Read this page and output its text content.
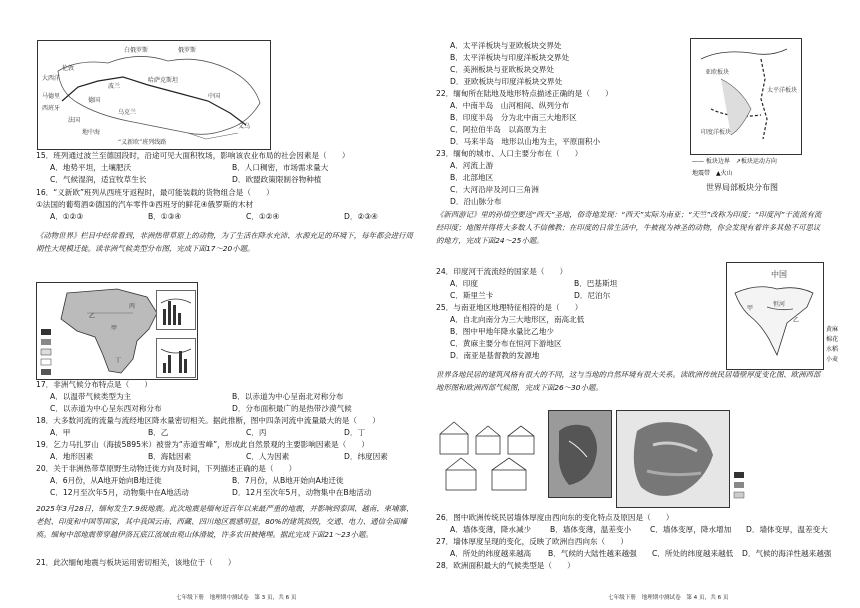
伦敦
法国
德国
波兰
马德里
西班牙
白俄罗斯	俄罗斯
哈萨克斯坦
乌克兰
中国
义乌
大西洋
地中海
“义新欧”班列线路
15．班列通过波兰至德国段时，沿途可见大面积牧场，影响该农业布局的社会因素是（　　）
A．地势平坦，土壤肥沃	B．人口稠密，市场需求量大
C．气候湿润，适宜牧草生长	D．欧盟政策限制谷物种植
16．“义新欧”班列从西班牙返程时，最可能装载的货物组合是（　　）
①法国的葡萄酒②德国的汽车零件③西班牙的鲜花④俄罗斯的木材
A．①②③	B．①③④	C．①②④	D．②③④
《动物世界》栏目中经常看到，非洲热带草原上的动物，为了生活在降水充沛、水源充足的环境下，每年都会进行周期性大规模迁徙。读非洲气候类型分布图，完成下面17～20小题。
甲
乙
丙
丁
17．非洲气候分布特点是（　　）
A．以温带气候类型为主	B．以赤道为中心呈南北对称分布
C．以赤道为中心呈东西对称分布	D．分布面积最广的是热带沙漠气候
18．大多数河流的流量与流经地区降水量密切相关。据此推断，图中四条河流中流量最大的是（　　）
A．甲	B．乙	C．丙	D．丁
19．乞力马扎罗山（海拔5895米）被誉为“赤道雪峰”，形成此自然景观的主要影响因素是（　　）
A．地形因素	B．海陆因素	C．人为因素	D．纬度因素
20．关于非洲热带草原野生动物迁徙方向及时间，下列描述正确的是（　　）
A．6月份，从A地开始向B地迁徙	B．7月份，从B地开始向A地迁徙
C．12月至次年5月，动物集中在A地活动	D．12月至次年5月，动物集中在B地活动
2025年3月28日，缅甸发生7.9级地震。此次地震是缅甸近百年以来最严重的地震，并影响到泰国、越南、柬埔寨、老挝、印度和中国等国家，其中我国云南、西藏、四川地区震感明显，80%的建筑损毁，交通、电力、通信全面瘫痪。缅甸中部地震带穿越伊洛瓦底江流域由观山体滑坡，许多农田被掩埋。据此完成下面21～23小题。
21．此次缅甸地震与板块运用密切相关，该地位于（　　）
七年级下册　地理期中测试卷　第 3 页，共 6 页
A．太平洋板块与亚欧板块交界处
B．太平洋板块与印度洋板块交界处
C．美洲板块与亚欧板块交界处
D．亚欧板块与印度洋板块交界处
22．缅甸所在陆地及地形特点描述正确的是（　　）
A．中南半岛　山河相间、纵列分布
B．印度半岛　分为北中南三大地形区
C．阿拉伯半岛　以高原为主
D．马来半岛　地形以山地为主，平原面积小
23．缅甸的城市、人口主要分布在（　　）
A．河流上游
B．北部地区
C．大河沿岸及河口三角洲
D．沿山脉分布
亚欧板块
太平洋板块
印度洋板块
—— 板块边界　↗板块运动方向
地震带　▲火山
世界局部板块分布图
《新西游记》里的孙悟空要送“西天”圣地，俗奇地发现：“西天”实际为南亚；“天竺”改称为印度；“印度河”干流流有流经印度；地图并得将大多数人不信佛教；在印度的日常生活中，牛被视为神圣的动物，你会发现有着许多其他不可思议的地方，完成下面24～25小题。
24．印度河干流流经的国家是（　　）
A．印度	B．巴基斯坦
C．斯里兰卡	D．尼泊尔
25．与南亚地区地理特征相符的是（　　）
A．自北向南分为三大地形区，南高北低
B．图中甲地年降水量比乙地少
C．黄麻主要分布在恒河下游地区
D．南亚是基督教的发源地
中国
甲
乙
恒河
黄麻
棉花
水稻
小麦
世界各地民居的建筑风格有很大的不同，这与当地的自然环境有很大关系。读欧洲传统民居墙壁厚度变化图、欧洲西部地形图和欧洲西部气候图，完成下面26～30小题。
26．图中欧洲传统民居墙体厚度由西向东的变化特点及原因是（　　）
A．墙体变薄，降水减少 B．墙体变薄，温差变小 C．墙体变厚，降水增加 D．墙体变厚，温差变大
27．墙体厚度呈现的变化，反映了欧洲自西向东（　　）
A．所处的纬度越来越高 B．气候的大陆性越来越强 C．所处的纬度越来越低 D．气候的海洋性越来越强
28．欧洲面积最大的气候类型是（　　）
七年级下册　地理期中测试卷　第 4 页，共 6 页
